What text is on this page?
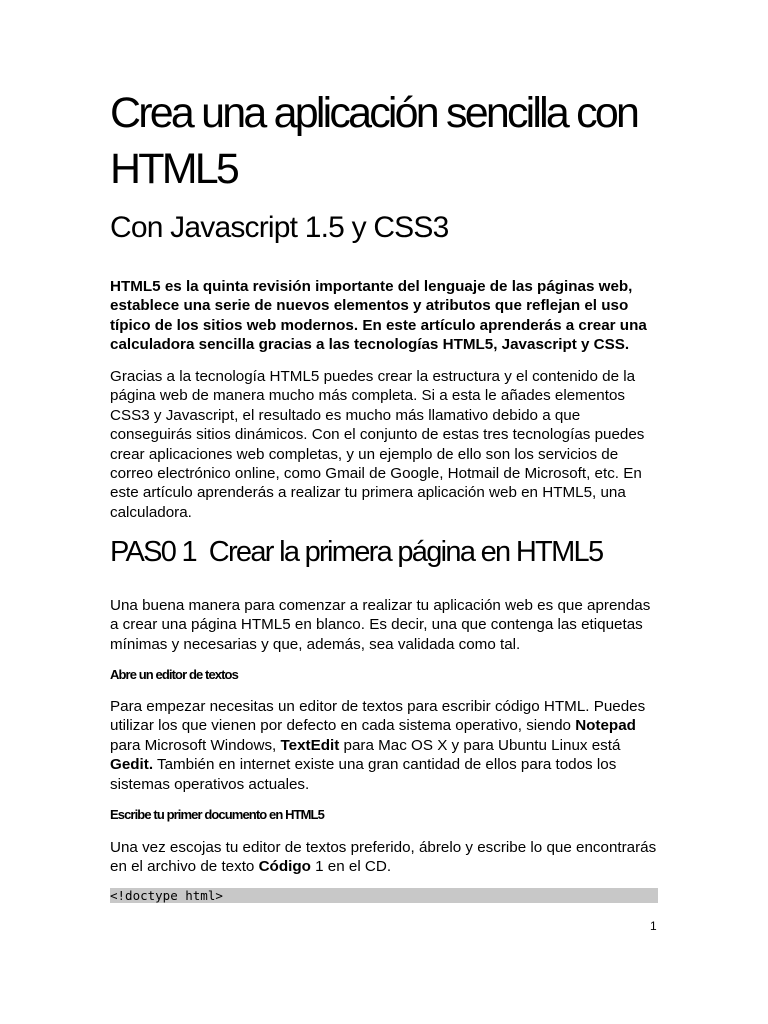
Crea una aplicación sencilla con HTML5
Con Javascript 1.5 y CSS3

HTML5 es la quinta revisión importante del lenguaje de las páginas web, establece una serie de nuevos elementos y atributos que reflejan el uso típico de los sitios web modernos. En este artículo aprenderás a crear una calculadora sencilla gracias a las tecnologías HTML5, Javascript y CSS.

Gracias a la tecnología HTML5 puedes crear la estructura y el contenido de la página web de manera mucho más completa. Si a esta le añades elementos CSS3 y Javascript, el resultado es mucho más llamativo debido a que conseguirás sitios dinámicos. Con el conjunto de estas tres tecnologías puedes crear aplicaciones web completas, y un ejemplo de ello son los servicios de correo electrónico online, como Gmail de Google, Hotmail de Microsoft, etc. En este artículo aprenderás a realizar tu primera aplicación web en HTML5, una calculadora.

PAS0 1  Crear la primera página en HTML5

Una buena manera para comenzar a realizar tu aplicación web es que aprendas a crear una página HTML5 en blanco. Es decir, una que contenga las etiquetas mínimas y necesarias y que, además, sea validada como tal.

Abre un editor de textos

Para empezar necesitas un editor de textos para escribir código HTML. Puedes utilizar los que vienen por defecto en cada sistema operativo, siendo Notepad para Microsoft Windows, TextEdit para Mac OS X y para Ubuntu Linux está Gedit. También en internet existe una gran cantidad de ellos para todos los sistemas operativos actuales.

Escribe tu primer documento en HTML5

Una vez escojas tu editor de textos preferido, ábrelo y escribe lo que encontrarás en el archivo de texto Código 1 en el CD.

<!doctype html>
1
